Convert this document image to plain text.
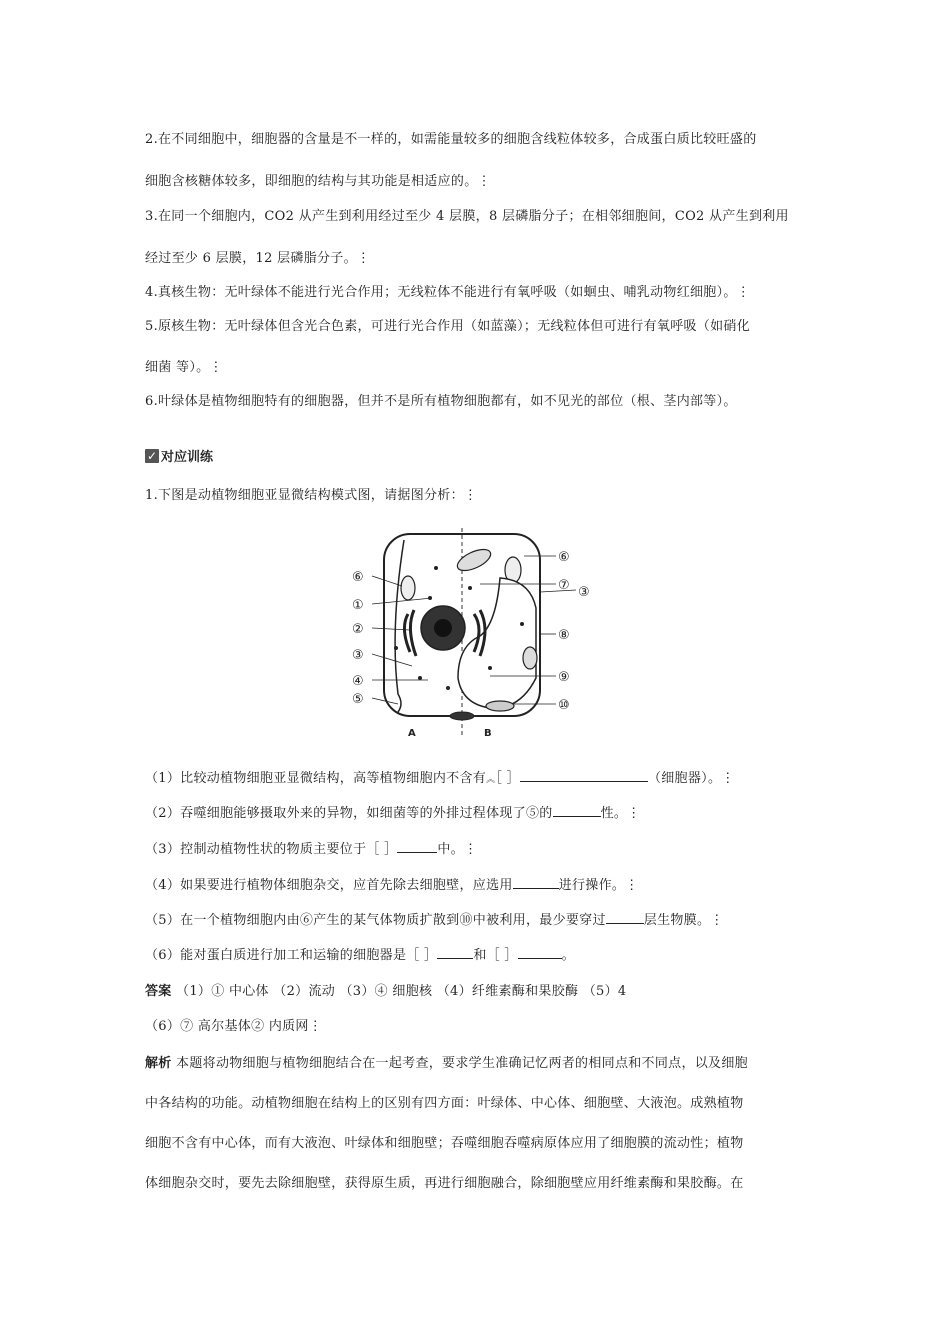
2.在不同细胞中，细胞器的含量是不一样的，如需能量较多的细胞含线粒体较多，合成蛋白质比较旺盛的
细胞含核糖体较多，即细胞的结构与其功能是相适应的。⋮
3.在同一个细胞内，CO2 从产生到利用经过至少 4 层膜，8 层磷脂分子；在相邻细胞间，CO2 从产生到利用
经过至少 6 层膜，12 层磷脂分子。⋮
4.真核生物：无叶绿体不能进行光合作用；无线粒体不能进行有氧呼吸（如蛔虫、哺乳动物红细胞）。⋮
5.原核生物：无叶绿体但含光合色素，可进行光合作用（如蓝藻）；无线粒体但可进行有氧呼吸（如硝化
细菌 等）。⋮
6.叶绿体是植物细胞特有的细胞器，但并不是所有植物细胞都有，如不见光的部位（根、茎内部等）。
✓ 对应训练
1.下图是动植物细胞亚显微结构模式图，请据图分析：⋮
⑥
①
②
③
④
⑤
⑥
⑦ ③
⑧
⑨
⑩
A	B
（1）比较动植物细胞亚显微结构，高等植物细胞内不含有︽［ ］	（细胞器）。⋮
（2）吞噬细胞能够摄取外来的异物，如细菌等的外排过程体现了⑤的	性。⋮
（3）控制动植物性状的物质主要位于［ ］	中。⋮
（4）如果要进行植物体细胞杂交，应首先除去细胞壁，应选用	进行操作。⋮
（5）在一个植物细胞内由⑥产生的某气体物质扩散到⑩中被利用，最少要穿过	层生物膜。⋮
（6）能对蛋白质进行加工和运输的细胞器是［ ］	和［ ］	。
答案 （1）① 中心体 （2）流动 （3）④ 细胞核 （4）纤维素酶和果胶酶 （5）4
（6）⑦ 高尔基体② 内质网⋮
解析 本题将动物细胞与植物细胞结合在一起考查，要求学生准确记忆两者的相同点和不同点，以及细胞
中各结构的功能。动植物细胞在结构上的区别有四方面：叶绿体、中心体、细胞壁、大液泡。成熟植物
细胞不含有中心体，而有大液泡、叶绿体和细胞壁；吞噬细胞吞噬病原体应用了细胞膜的流动性；植物
体细胞杂交时，要先去除细胞壁，获得原生质，再进行细胞融合，除细胞壁应用纤维素酶和果胶酶。在
